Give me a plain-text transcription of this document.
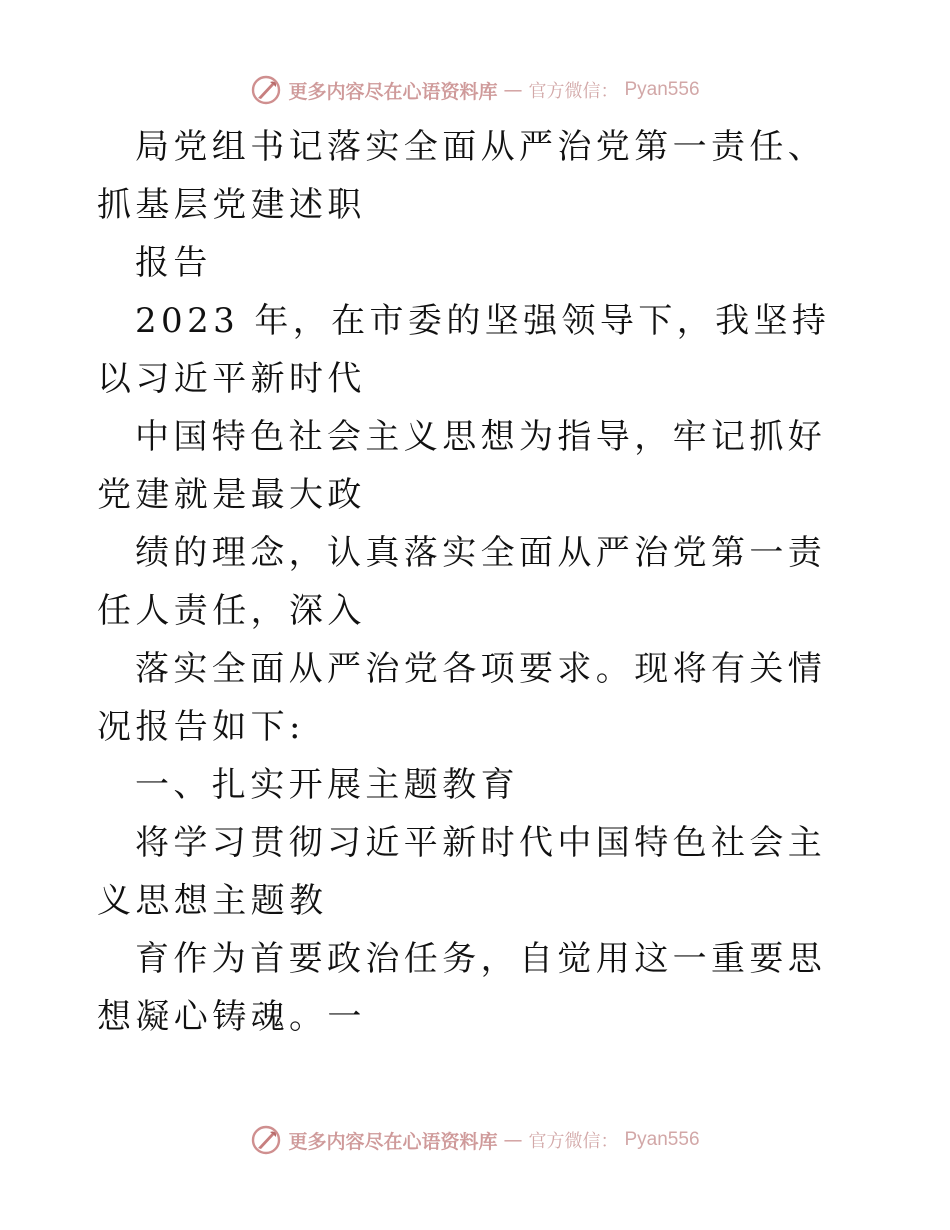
更多内容尽在心语资料库 — 官方微信： Pyan556

局党组书记落实全面从严治党第一责任、抓基层党建述职

报告

2023 年，在市委的坚强领导下，我坚持以习近平新时代

中国特色社会主义思想为指导，牢记抓好党建就是最大政

绩的理念，认真落实全面从严治党第一责任人责任，深入

落实全面从严治党各项要求。现将有关情况报告如下:

一、扎实开展主题教育

将学习贯彻习近平新时代中国特色社会主义思想主题教

育作为首要政治任务，自觉用这一重要思想凝心铸魂。一

更多内容尽在心语资料库 — 官方微信： Pyan556
